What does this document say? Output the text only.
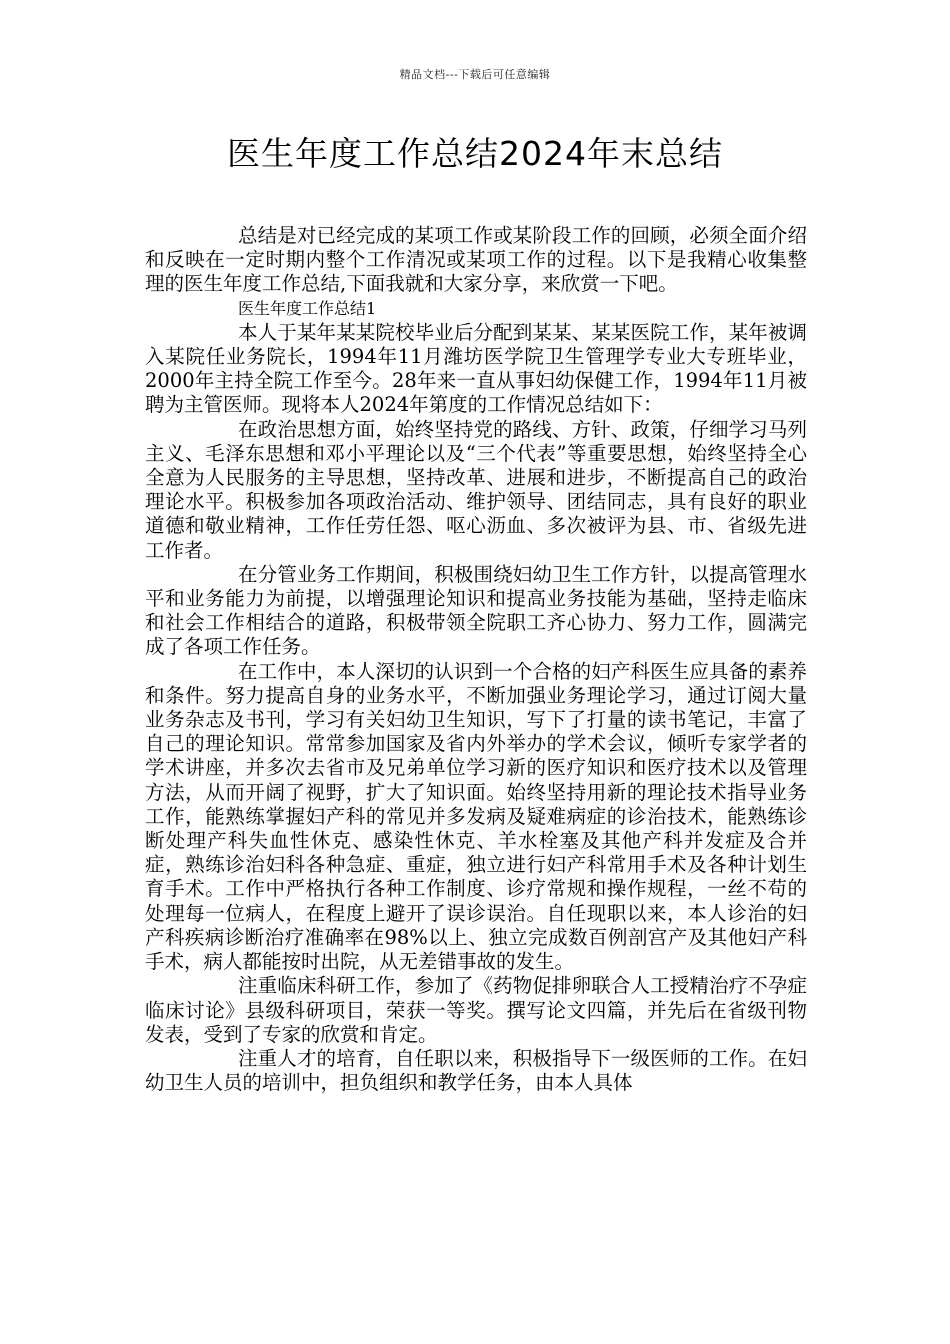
精品文档---下载后可任意编辑
医生年度工作总结2024年末总结

总结是对已经完成的某项工作或某阶段工作的回顾，必须全面介绍和反映在一定时期内整个工作清况或某项工作的过程。以下是我精心收集整理的医生年度工作总结,下面我就和大家分享，来欣赏一下吧。

医生年度工作总结1

本人于某年某某院校毕业后分配到某某、某某医院工作，某年被调入某院任业务院长，1994年11月潍坊医学院卫生管理学专业大专班毕业，2000年主持全院工作至今。28年来一直从事妇幼保健工作，1994年11月被聘为主管医师。现将本人2024年第度的工作情况总结如下：

在政治思想方面，始终坚持党的路线、方针、政策，仔细学习马列主义、毛泽东思想和邓小平理论以及“三个代表”等重要思想，始终坚持全心全意为人民服务的主导思想，坚持改革、进展和进步，不断提高自己的政治理论水平。积极参加各项政治活动、维护领导、团结同志，具有良好的职业道德和敬业精神，工作任劳任怨、呕心沥血、多次被评为县、市、省级先进工作者。

在分管业务工作期间，积极围绕妇幼卫生工作方针，以提高管理水平和业务能力为前提，以增强理论知识和提高业务技能为基础，坚持走临床和社会工作相结合的道路，积极带领全院职工齐心协力、努力工作，圆满完成了各项工作任务。

在工作中，本人深切的认识到一个合格的妇产科医生应具备的素养和条件。努力提高自身的业务水平，不断加强业务理论学习，通过订阅大量业务杂志及书刊，学习有关妇幼卫生知识，写下了打量的读书笔记，丰富了自己的理论知识。常常参加国家及省内外举办的学术会议，倾听专家学者的学术讲座，并多次去省市及兄弟单位学习新的医疗知识和医疗技术以及管理方法，从而开阔了视野，扩大了知识面。始终坚持用新的理论技术指导业务工作，能熟练掌握妇产科的常见并多发病及疑难病症的诊治技术，能熟练诊断处理产科失血性休克、感染性休克、羊水栓塞及其他产科并发症及合并症，熟练诊治妇科各种急症、重症，独立进行妇产科常用手术及各种计划生育手术。工作中严格执行各种工作制度、诊疗常规和操作规程，一丝不苟的处理每一位病人，在程度上避开了误诊误治。自任现职以来，本人诊治的妇产科疾病诊断治疗准确率在98%以上、独立完成数百例剖宫产及其他妇产科手术，病人都能按时出院，从无差错事故的发生。

注重临床科研工作，参加了《药物促排卵联合人工授精治疗不孕症临床讨论》县级科研项目，荣获一等奖。撰写论文四篇，并先后在省级刊物发表，受到了专家的欣赏和肯定。

注重人才的培育，自任职以来，积极指导下一级医师的工作。在妇幼卫生人员的培训中，担负组织和教学任务，由本人具体
